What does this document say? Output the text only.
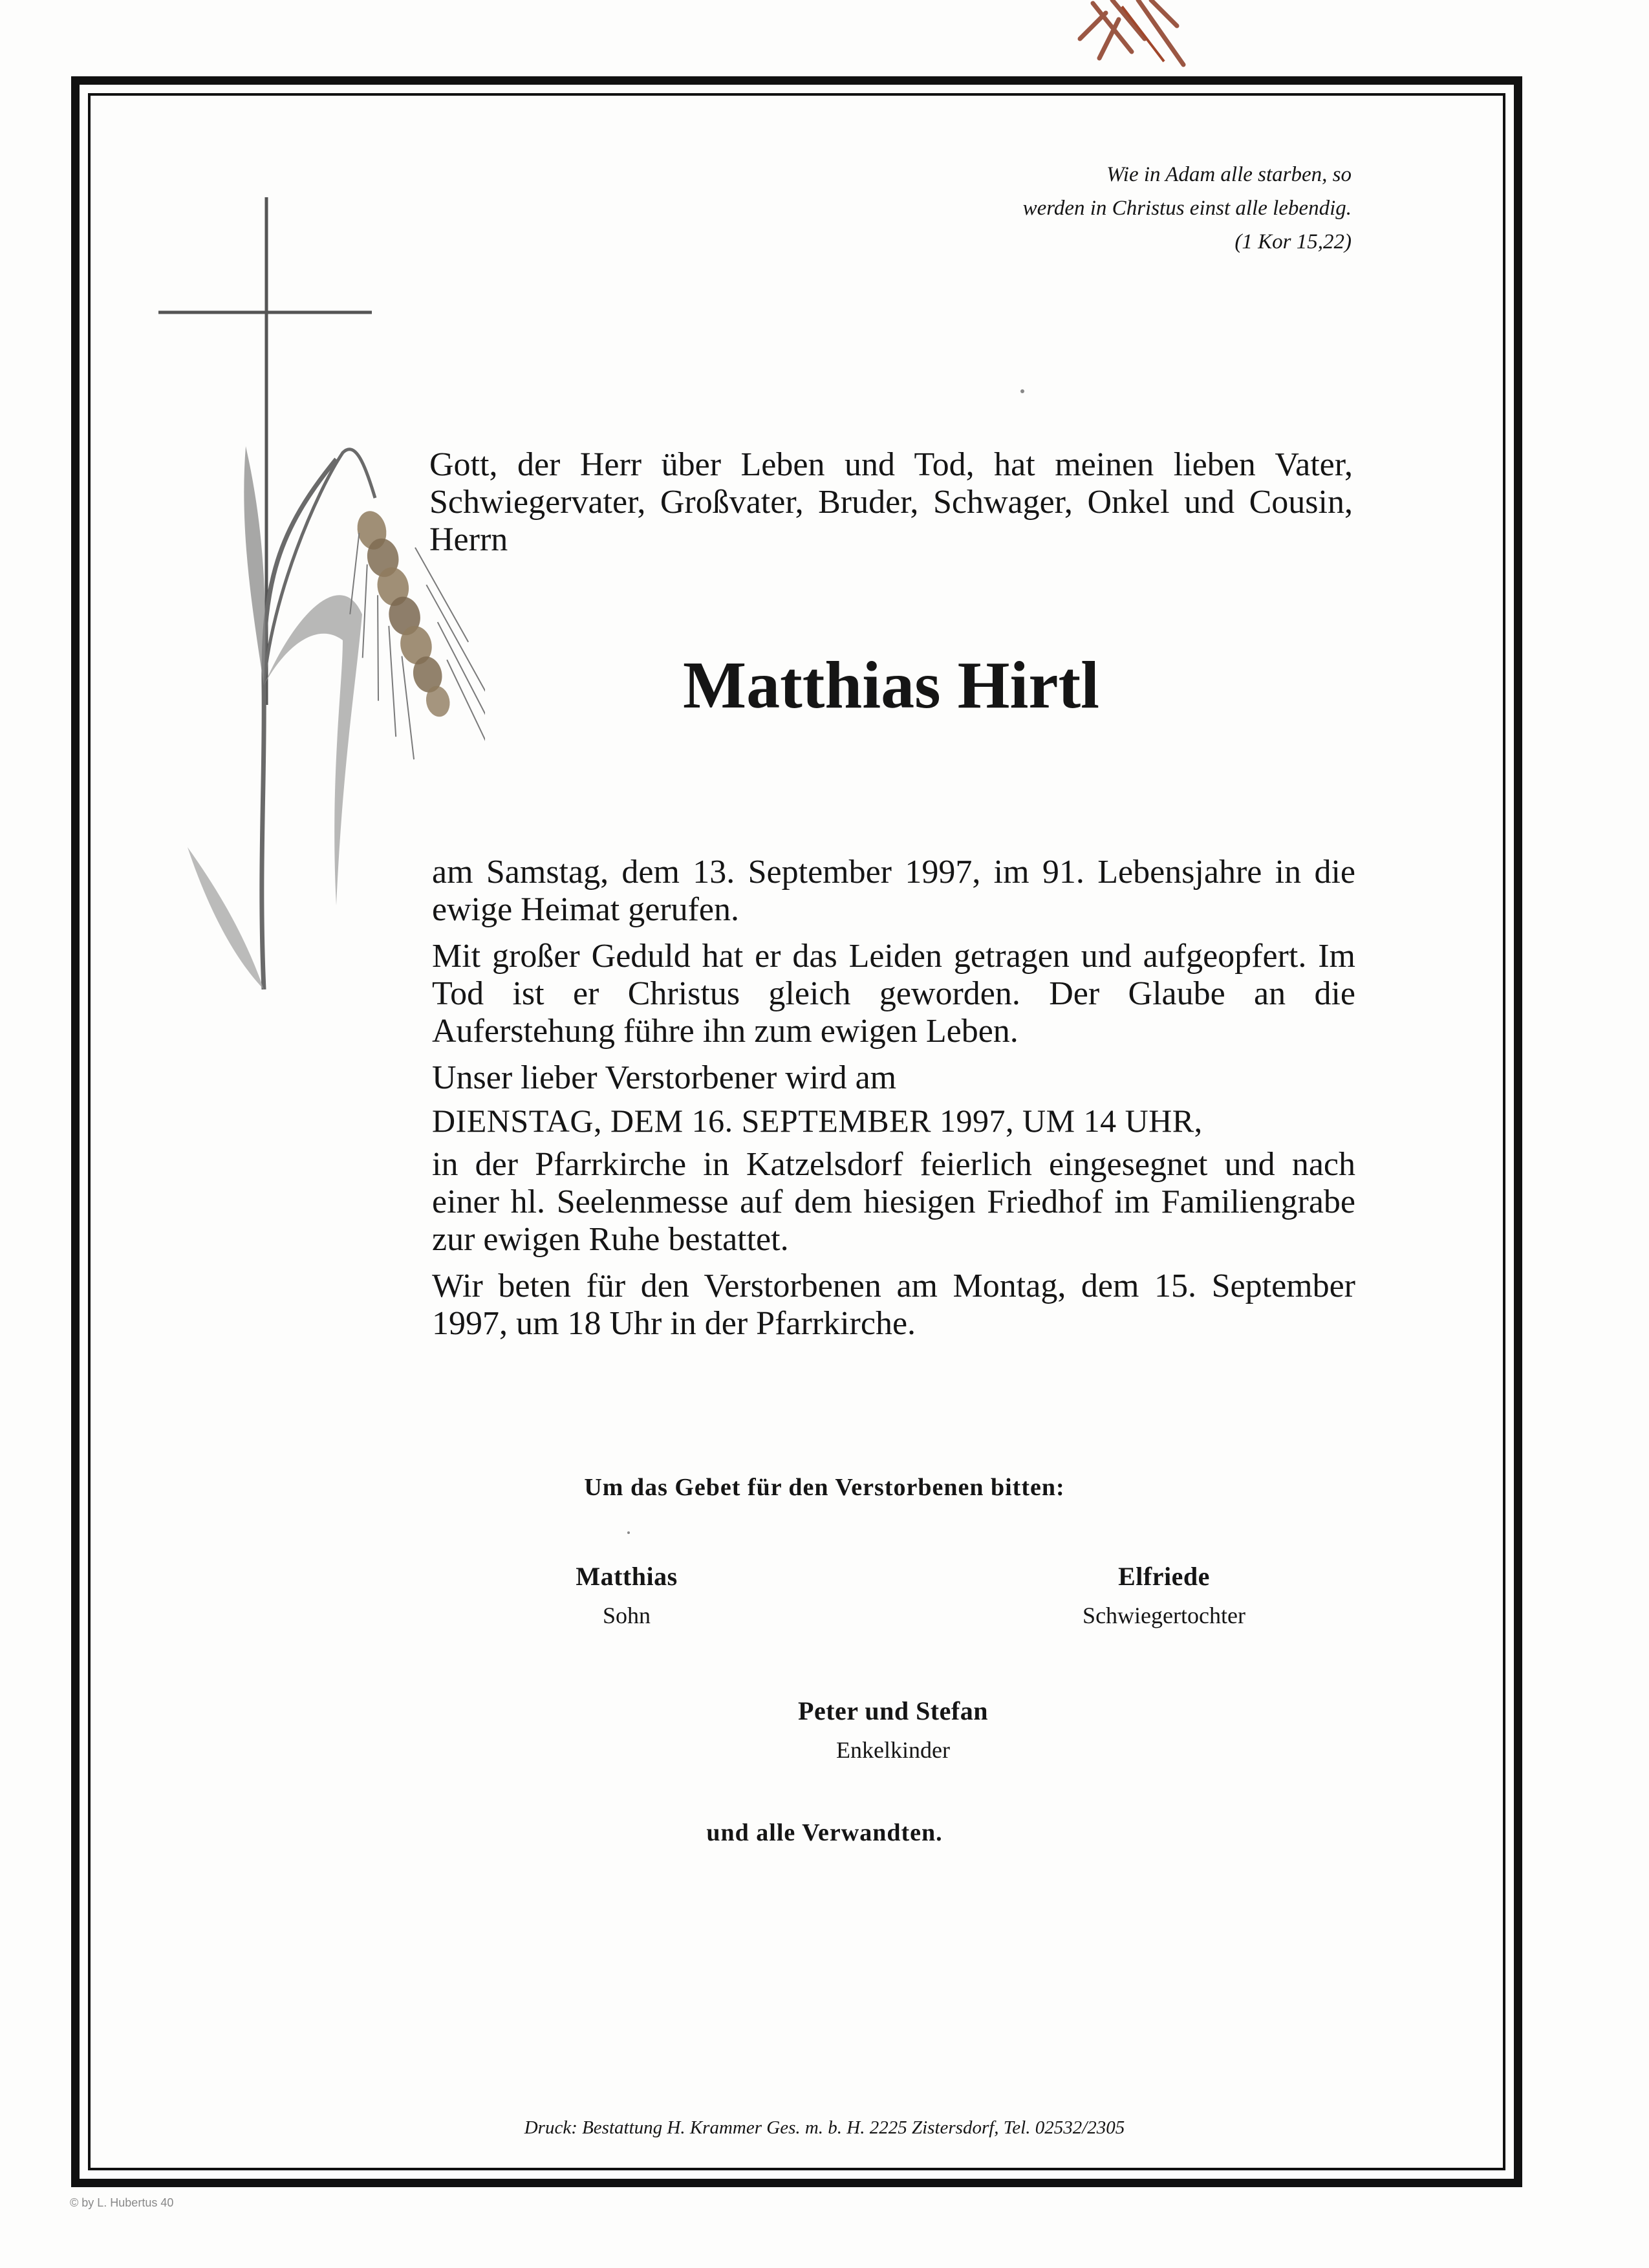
Wie in Adam alle starben, so
werden in Christus einst alle lebendig.
(1 Kor 15,22)
Gott, der Herr über Leben und Tod, hat meinen lieben Vater, Schwiegervater, Großvater, Bruder, Schwager, Onkel und Cousin, Herrn
Matthias Hirtl

am Samstag, dem 13. September 1997, im 91. Lebensjahre in die ewige Heimat gerufen.

Mit großer Geduld hat er das Leiden getragen und aufgeopfert. Im Tod ist er Christus gleich geworden. Der Glaube an die Auferstehung führe ihn zum ewigen Leben.

Unser lieber Verstorbener wird am

DIENSTAG, DEM 16. SEPTEMBER 1997, UM 14 UHR,

in der Pfarrkirche in Katzelsdorf feierlich eingesegnet und nach einer hl. Seelenmesse auf dem hiesigen Friedhof im Familiengrabe zur ewigen Ruhe bestattet.

Wir beten für den Verstorbenen am Montag, dem 15. September 1997, um 18 Uhr in der Pfarrkirche.

Um das Gebet für den Verstorbenen bitten:
Matthias
Sohn
Elfriede
Schwiegertochter
Peter und Stefan
Enkelkinder
und alle Verwandten.
Druck: Bestattung H. Krammer Ges. m. b. H. 2225 Zistersdorf, Tel. 02532/2305
© by L. Hubertus 40
